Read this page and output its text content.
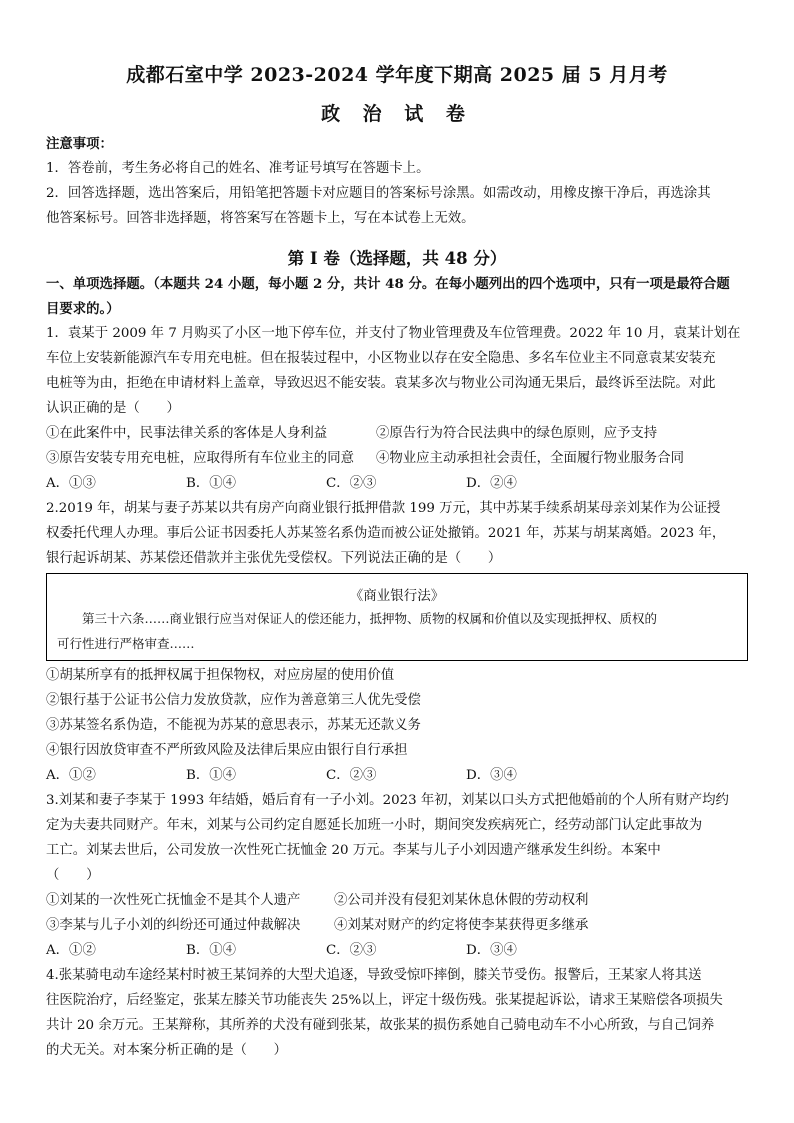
成都石室中学 2023-2024 学年度下期高 2025 届 5 月月考
政 治 试 卷
注意事项：
1．答卷前，考生务必将自己的姓名、准考证号填写在答题卡上。
2．回答选择题，选出答案后，用铅笔把答题卡对应题目的答案标号涂黑。如需改动，用橡皮擦干净后，再选涂其
他答案标号。回答非选择题，将答案写在答题卡上，写在本试卷上无效。
第 I 卷（选择题，共 48 分）
一、单项选择题。（本题共 24 小题，每小题 2 分，共计 48 分。在每小题列出的四个选项中，只有一项是最符合题
目要求的。）
1．袁某于 2009 年 7 月购买了小区一地下停车位，并支付了物业管理费及车位管理费。2022 年 10 月，袁某计划在
车位上安装新能源汽车专用充电桩。但在报装过程中，小区物业以存在安全隐患、多名车位业主不同意袁某安装充
电桩等为由，拒绝在申请材料上盖章，导致迟迟不能安装。袁某多次与物业公司沟通无果后，最终诉至法院。对此
认识正确的是（　　）
①在此案件中，民事法律关系的客体是人身利益	②原告行为符合民法典中的绿色原则，应予支持
③原告安装专用充电桩，应取得所有车位业主的同意 ④物业应主动承担社会责任，全面履行物业服务合同
A．①③	B．①④	C．②③	D．②④
2.2019 年，胡某与妻子苏某以共有房产向商业银行抵押借款 199 万元，其中苏某手续系胡某母亲刘某作为公证授
权委托代理人办理。事后公证书因委托人苏某签名系伪造而被公证处撤销。2021 年，苏某与胡某离婚。2023 年，
银行起诉胡某、苏某偿还借款并主张优先受偿权。下列说法正确的是（　　）
《商业银行法》
　　第三十六条……商业银行应当对保证人的偿还能力，抵押物、质物的权属和价值以及实现抵押权、质权的
可行性进行严格审查……
①胡某所享有的抵押权属于担保物权，对应房屋的使用价值
②银行基于公证书公信力发放贷款，应作为善意第三人优先受偿
③苏某签名系伪造，不能视为苏某的意思表示，苏某无还款义务
④银行因放贷审查不严所致风险及法律后果应由银行自行承担
A．①②	B．①④	C．②③	D．③④
3.刘某和妻子李某于 1993 年结婚，婚后育有一子小刘。2023 年初，刘某以口头方式把他婚前的个人所有财产均约
定为夫妻共同财产。年末，刘某与公司约定自愿延长加班一小时，期间突发疾病死亡，经劳动部门认定此事故为
工亡。刘某去世后，公司发放一次性死亡抚恤金 20 万元。李某与儿子小刘因遗产继承发生纠纷。本案中
（　　）
①刘某的一次性死亡抚恤金不是其个人遗产	②公司并没有侵犯刘某休息休假的劳动权利
③李某与儿子小刘的纠纷还可通过仲裁解决	④刘某对财产的约定将使李某获得更多继承
A．①②	B．①④	C．②③	D．③④
4.张某骑电动车途经某村时被王某饲养的大型犬追逐，导致受惊吓摔倒，膝关节受伤。报警后，王某家人将其送
往医院治疗，后经鉴定，张某左膝关节功能丧失 25%以上，评定十级伤残。张某提起诉讼，请求王某赔偿各项损失
共计 20 余万元。王某辩称，其所养的犬没有碰到张某，故张某的损伤系她自己骑电动车不小心所致，与自己饲养
的犬无关。对本案分析正确的是（　　）
